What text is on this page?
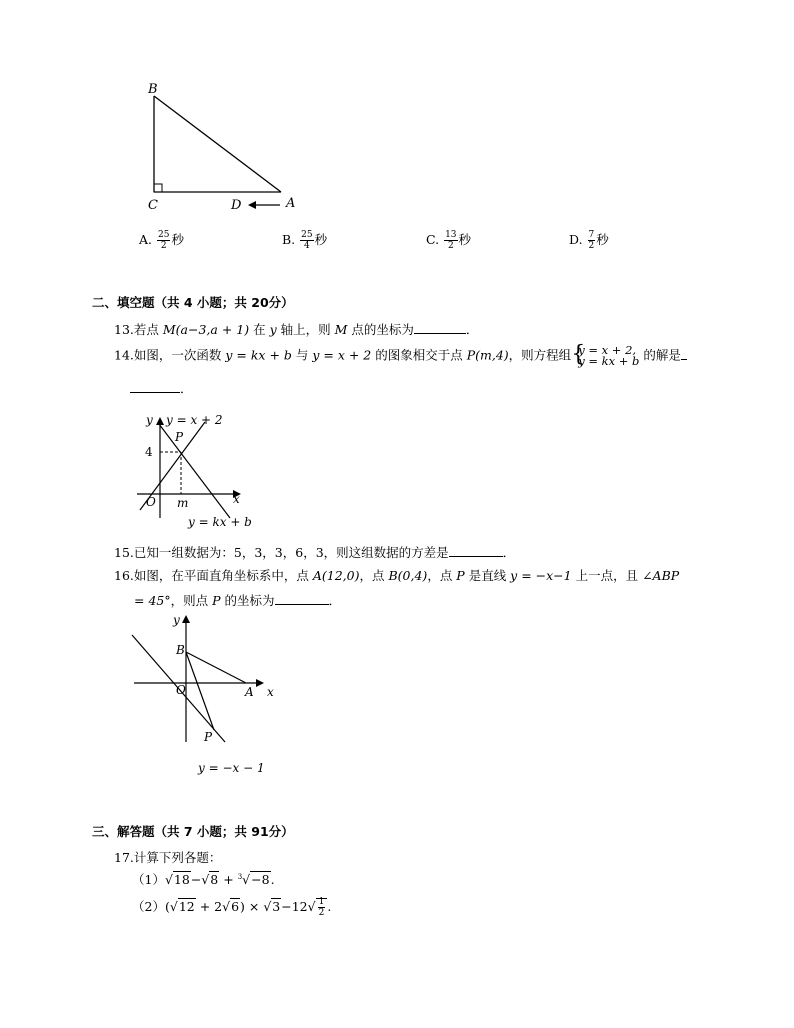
B
C	D	A
A. $\frac{25}{2}$ 秒	B. $\frac{25}{4}$ 秒	C. $\frac{13}{2}$ 秒	D. $\frac{7}{2}$ 秒
二、填空题（共 4 小题；共 20分）
13.若点 M(a−3,a + 1) 在 y 轴上，则 M 点的坐标为	．
14.如图，一次函数 y = kx + b 与 y = x + 2 的图象相交于点 P(m,4)，则方程组 {
y = x + 2,
y = kx + b 的解是
．
y y = x + 2
P
4
O m	x
y = kx + b
15.已知一组数据为：5，3，3，6，3，则这组数据的方差是	．
16.如图，在平面直角坐标系中，点 A(12,0)，点 B(0,4)，点 P 是直线 y = −x−1 上一点，且 ∠ABP
= 45°，则点 P 的坐标为	．
y
B
O	A x
P
y = −x − 1
三、解答题（共 7 小题；共 91分）
17.计算下列各题：
（1）√18−√8 + $^3$√−8.
$(2)(√12 + 2√6) \times √3-12√ \frac{1}{2}$ .
